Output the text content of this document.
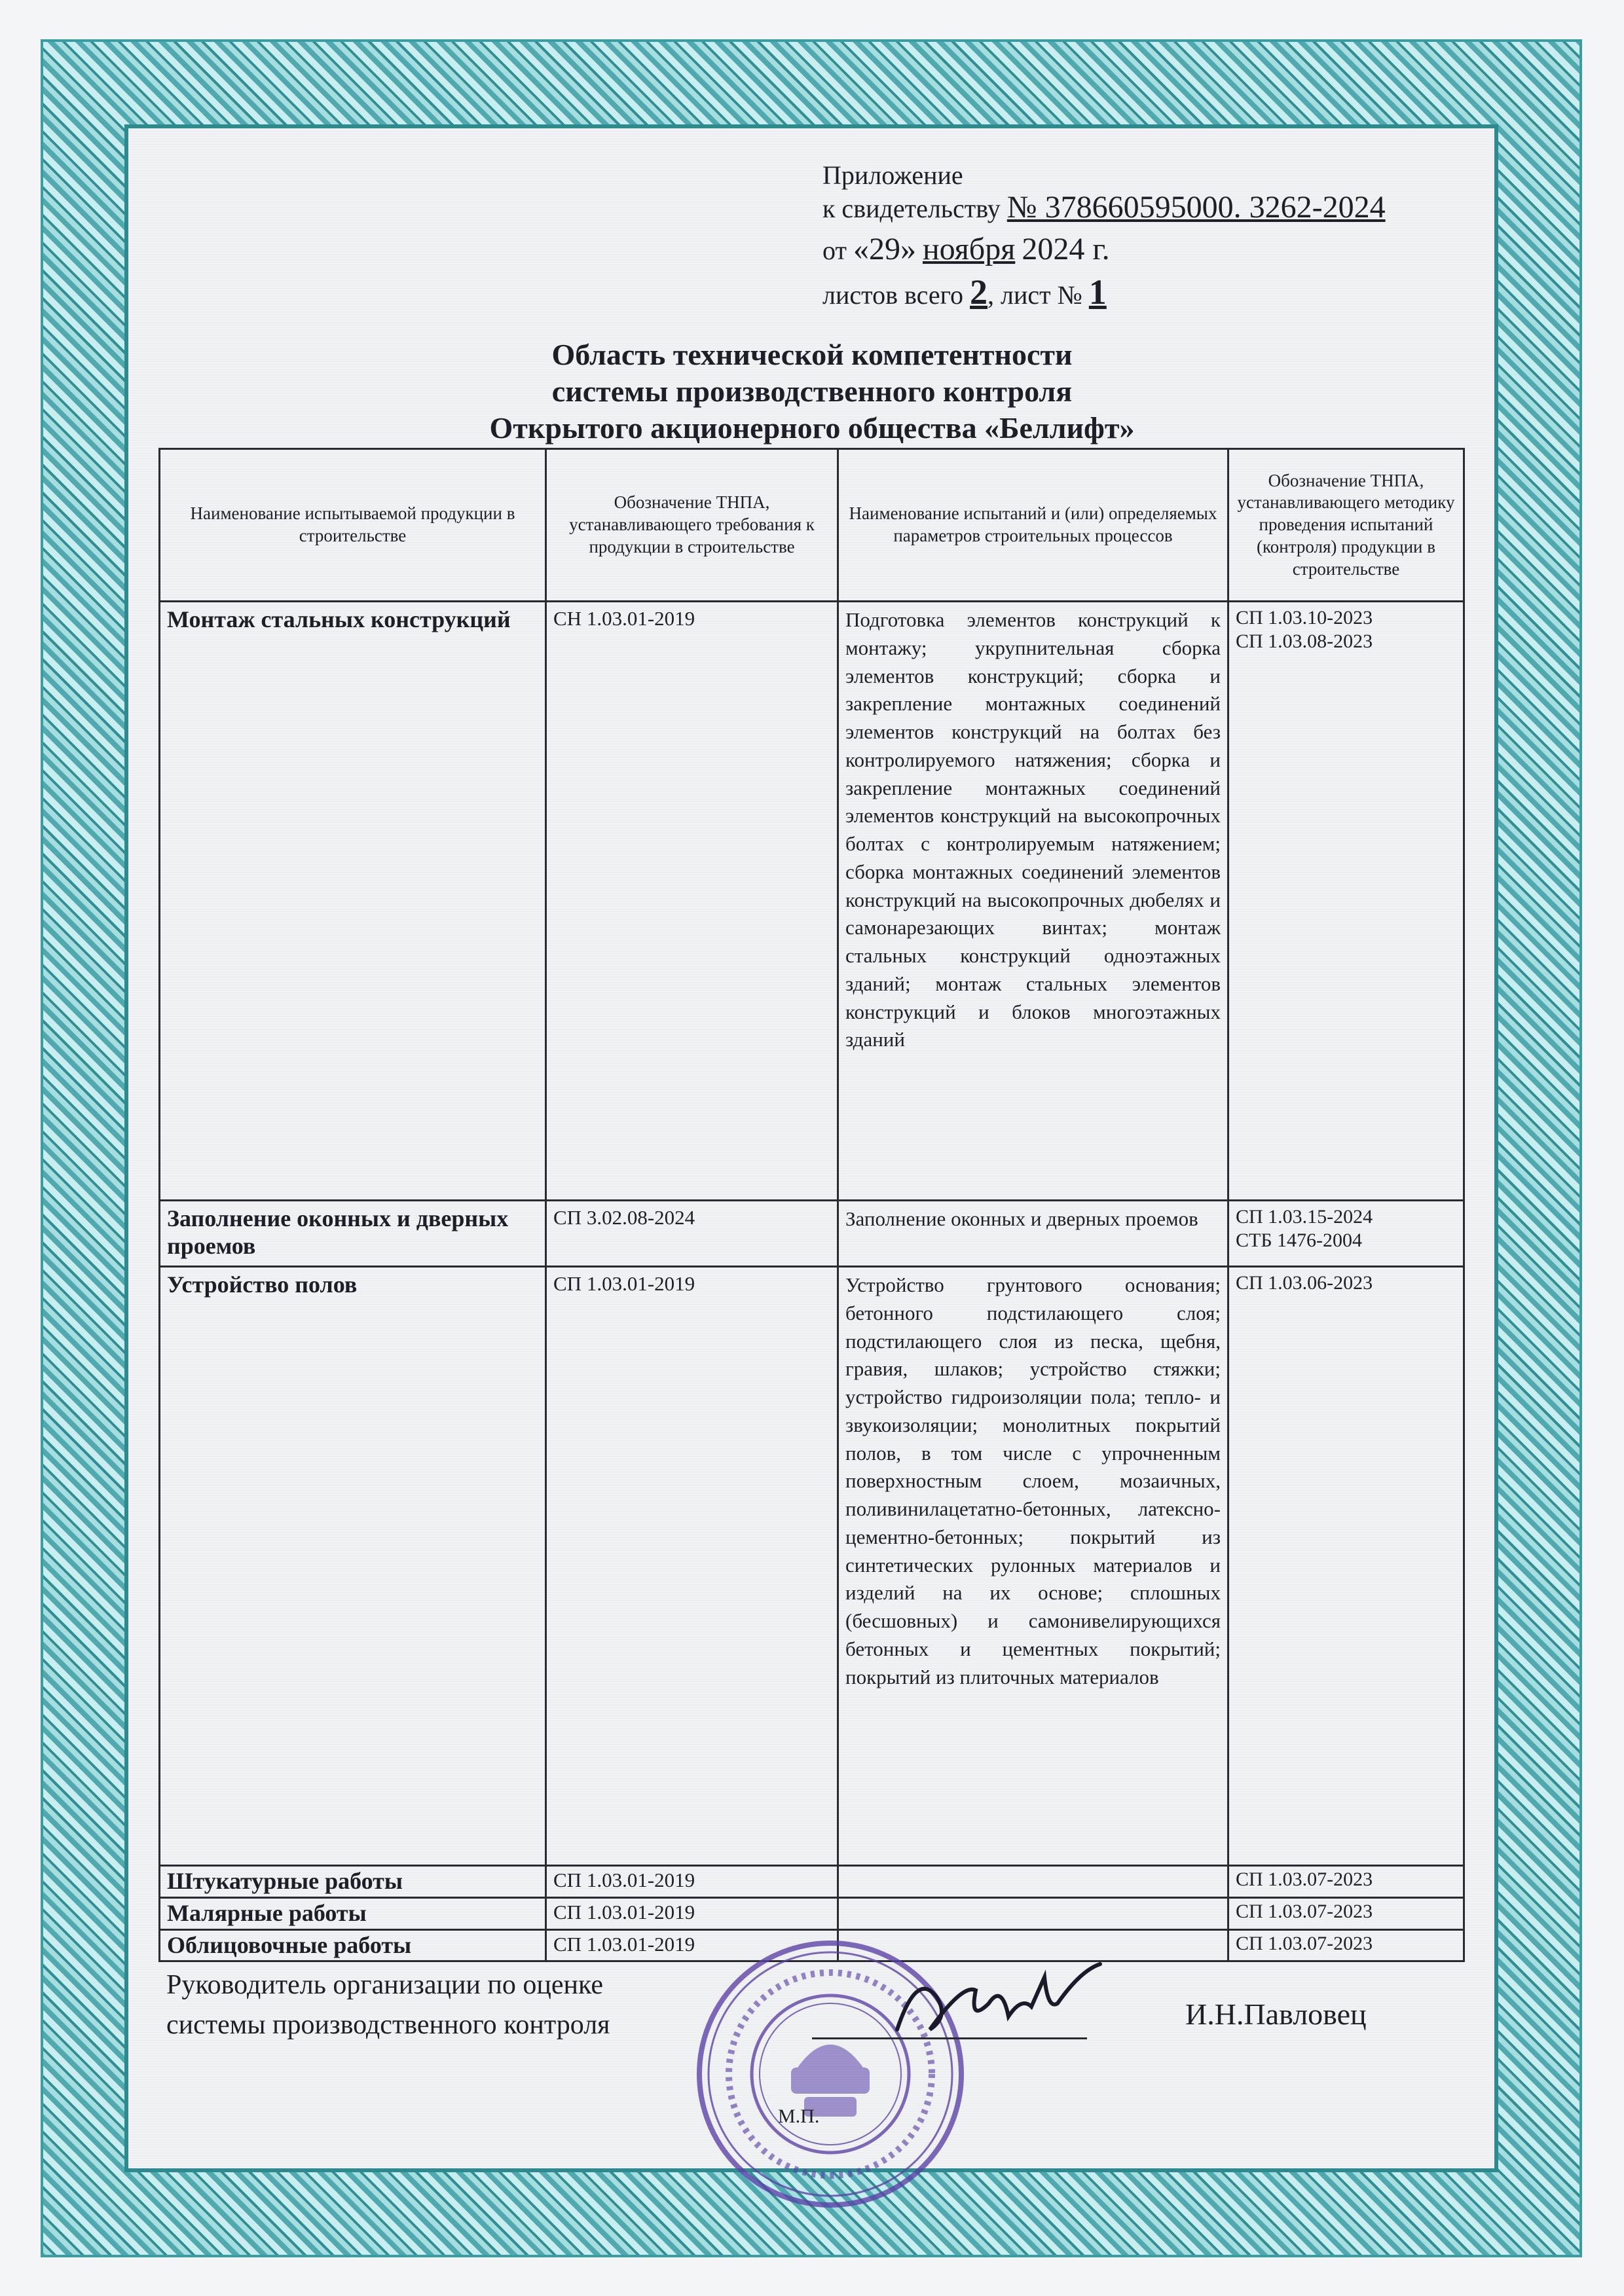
Приложение
к свидетельству № 378660595000. 3262-2024
от «29» ноября 2024 г.
листов всего 2, лист № 1
Область технической компетентности
системы производственного контроля
Открытого акционерного общества «Беллифт»
Наименование испытываемой продукции в строительстве	Обозначение ТНПА, устанавливающего требования к продукции в строительстве	Наименование испытаний и (или) определяемых параметров строительных процессов	Обозначение ТНПА, устанавливающего методику проведения испытаний (контроля) продукции в строительстве
Монтаж стальных конструкций	СН 1.03.01-2019	Подготовка элементов конструкций к монтажу; укрупнительная сборка элементов конструкций; сборка и закрепление монтажных соединений элементов конструкций на болтах без контролируемого натяжения; сборка и закрепление монтажных соединений элементов конструкций на высокопрочных болтах с контролируемым натяжением; сборка монтажных соединений элементов конструкций на высокопрочных дюбелях и самонарезающих винтах; монтаж стальных конструкций одноэтажных зданий; монтаж стальных элементов конструкций и блоков многоэтажных зданий	СП 1.03.10-2023
СП 1.03.08-2023

Заполнение оконных и дверных проемов	СП 3.02.08-2024	Заполнение оконных и дверных проемов	СП 1.03.15-2024
СТБ 1476-2004

Устройство полов	СП 1.03.01-2019	Устройство грунтового основания; бетонного подстилающего слоя; подстилающего слоя из песка, щебня, гравия, шлаков; устройство стяжки; устройство гидроизоляции пола; тепло- и звукоизоляции; монолитных покрытий полов, в том числе с упрочненным поверхностным слоем, мозаичных, поливинилацетатно-бетонных, латексно-цементно-бетонных; покрытий из синтетических рулонных материалов и изделий на их основе; сплошных (бесшовных) и самонивелирующихся бетонных и цементных покрытий; покрытий из плиточных материалов	СП 1.03.06-2023

Штукатурные работы	СП 1.03.01-2019		СП 1.03.07-2023
Малярные работы	СП 1.03.01-2019		СП 1.03.07-2023
Облицовочные работы	СП 1.03.01-2019		СП 1.03.07-2023
Руководитель организации по оценке
системы производственного контроля	И.Н.Павловец
М.П.
